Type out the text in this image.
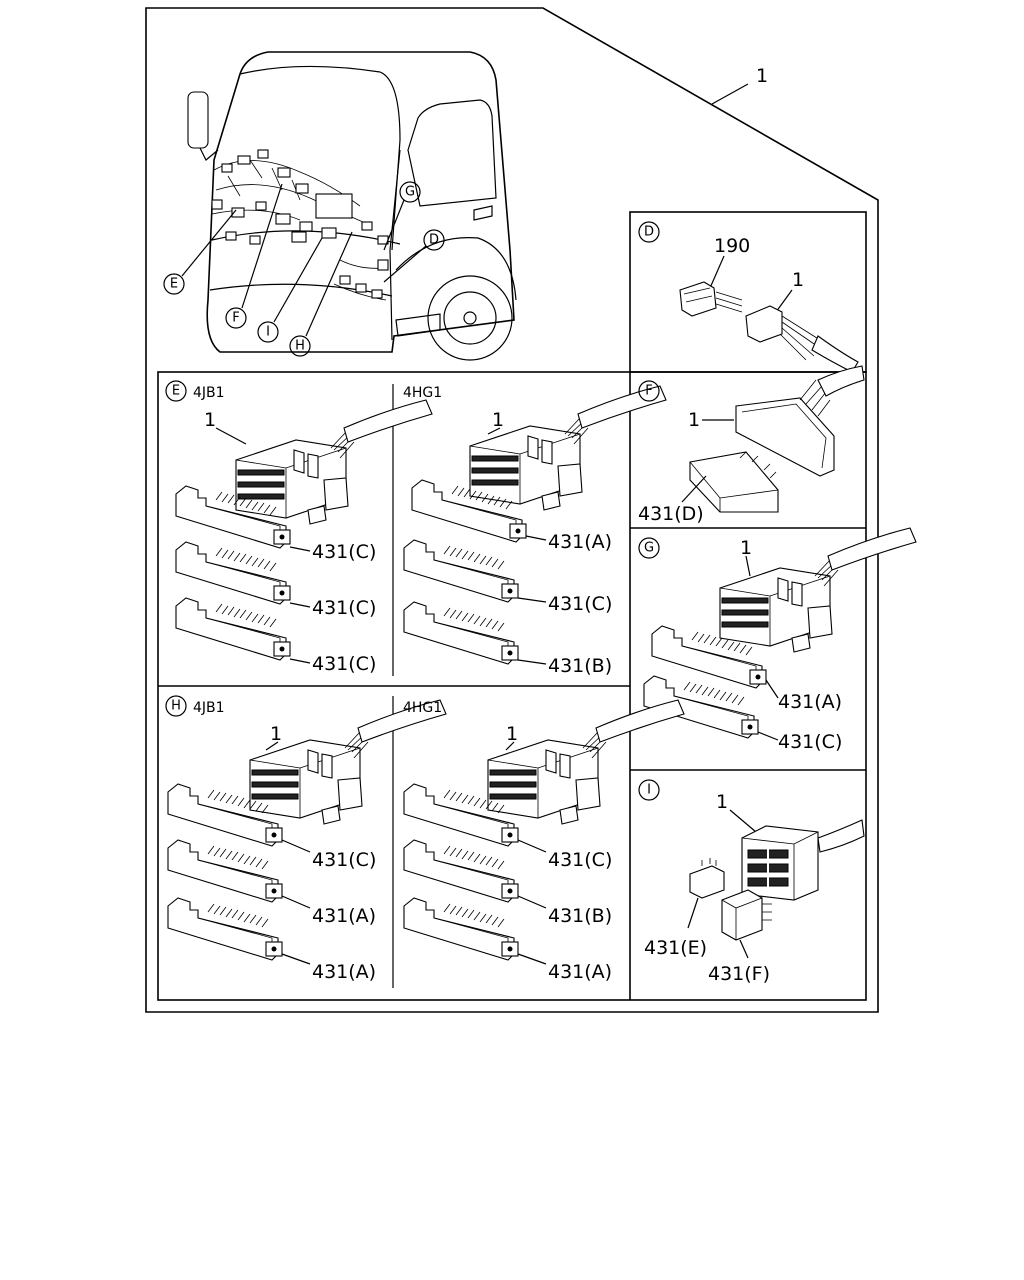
1
E
F
I
H
G
D
D
190
1
E 4JB1
1
431(C)
431(C)
431(C)
4HG1
1
431(A)
431(C)
431(B)
F
1
431(D)
G	1
431(A)
431(C)
H 4JB1
1
431(C)
431(A)
431(A)
4HG1
1
431(C)
431(B)
431(A)
I
1
431(E)
431(F)
